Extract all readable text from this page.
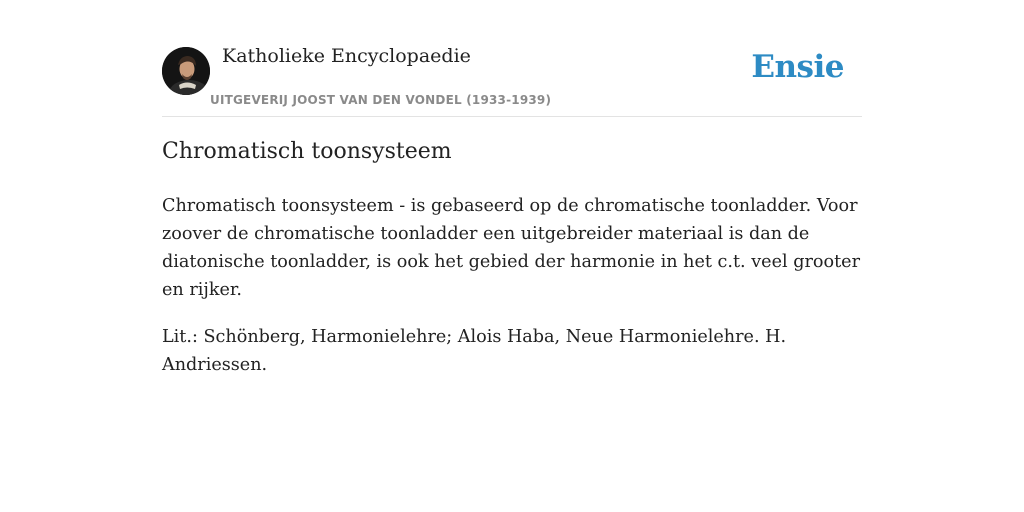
Katholieke Encyclopaedie
UITGEVERIJ JOOST VAN DEN VONDEL (1933-1939)
Ensie
Chromatisch toonsysteem

Chromatisch toonsysteem - is gebaseerd op de chromatische toonladder. Voor zoover de chromatische toonladder een uitgebreider materiaal is dan de diatonische toonladder, is ook het gebied der harmonie in het c.t. veel grooter en rijker.

Lit.: Schönberg, Harmonielehre; Alois Haba, Neue Harmonielehre. H. Andriessen.
